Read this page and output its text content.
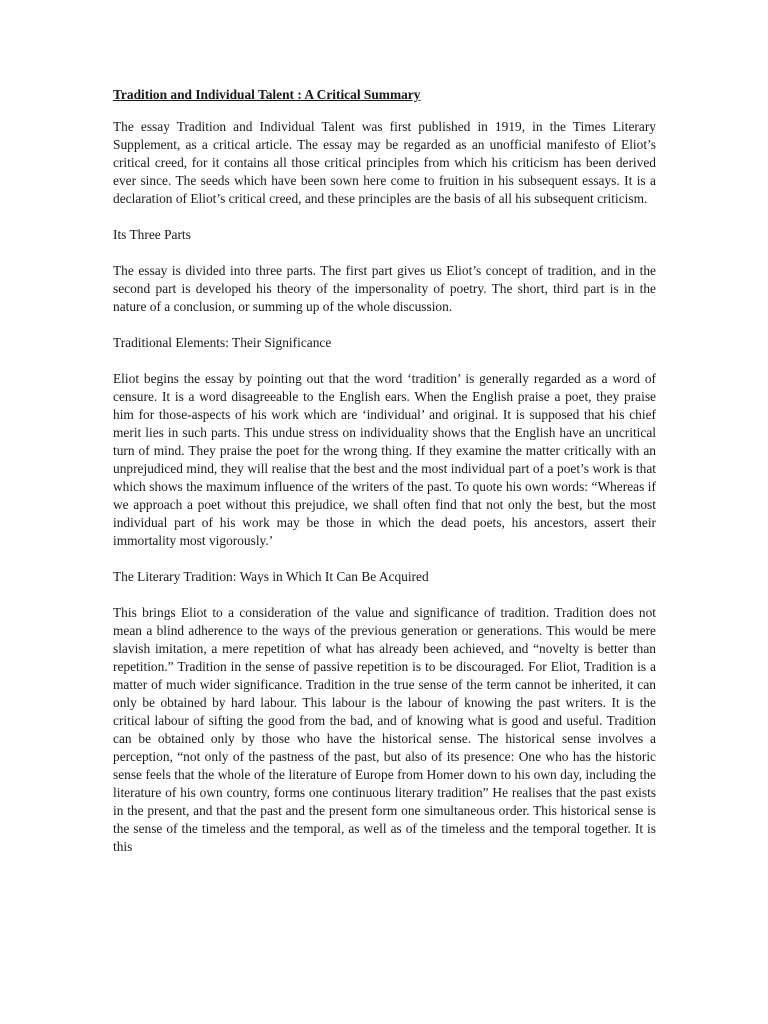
Tradition and Individual Talent : A Critical Summary

The essay Tradition and Individual Talent was first published in 1919, in the Times Literary Supplement, as a critical article. The essay may be regarded as an unofficial manifesto of Eliot’s critical creed, for it contains all those critical principles from which his criticism has been derived ever since. The seeds which have been sown here come to fruition in his subsequent essays. It is a declaration of Eliot’s critical creed, and these principles are the basis of all his subsequent criticism.

Its Three Parts

The essay is divided into three parts. The first part gives us Eliot’s concept of tradition, and in the second part is developed his theory of the impersonality of poetry. The short, third part is in the nature of a conclusion, or summing up of the whole discussion.

Traditional Elements: Their Significance

Eliot begins the essay by pointing out that the word ‘tradition’ is generally regarded as a word of censure. It is a word disagreeable to the English ears. When the English praise a poet, they praise him for those-aspects of his work which are ‘individual’ and original. It is supposed that his chief merit lies in such parts. This undue stress on individuality shows that the English have an uncritical turn of mind. They praise the poet for the wrong thing. If they examine the matter critically with an unprejudiced mind, they will realise that the best and the most individual part of a poet’s work is that which shows the maximum influence of the writers of the past. To quote his own words: “Whereas if we approach a poet without this prejudice, we shall often find that not only the best, but the most individual part of his work may be those in which the dead poets, his ancestors, assert their immortality most vigorously.’

The Literary Tradition: Ways in Which It Can Be Acquired

This brings Eliot to a consideration of the value and significance of tradition. Tradition does not mean a blind adherence to the ways of the previous generation or generations. This would be mere slavish imitation, a mere repetition of what has already been achieved, and “novelty is better than repetition.” Tradition in the sense of passive repetition is to be discouraged. For Eliot, Tradition is a matter of much wider significance. Tradition in the true sense of the term cannot be inherited, it can only be obtained by hard labour. This labour is the labour of knowing the past writers. It is the critical labour of sifting the good from the bad, and of knowing what is good and useful. Tradition can be obtained only by those who have the historical sense. The historical sense involves a perception, “not only of the pastness of the past, but also of its presence: One who has the historic sense feels that the whole of the literature of Europe from Homer down to his own day, including the literature of his own country, forms one continuous literary tradition” He realises that the past exists in the present, and that the past and the present form one simultaneous order. This historical sense is the sense of the timeless and the temporal, as well as of the timeless and the temporal together. It is this
